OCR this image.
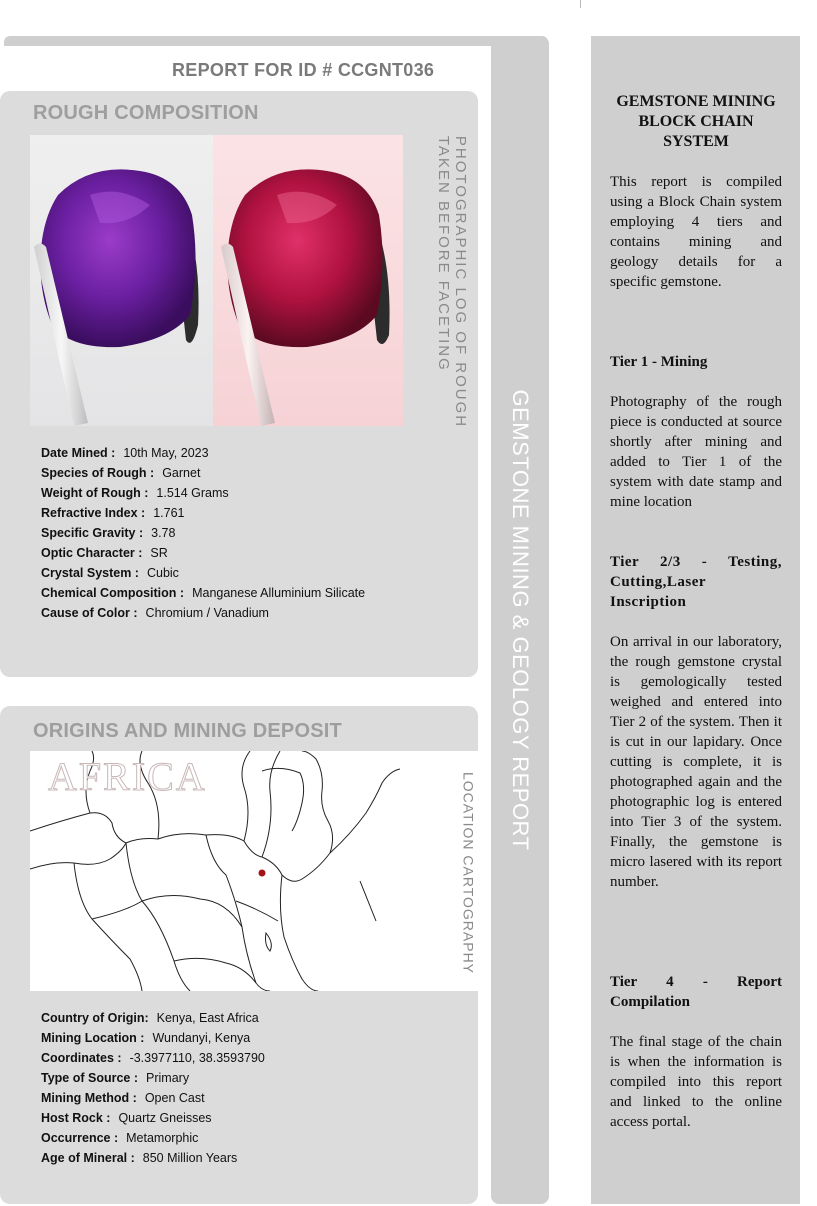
GEMSTONE MINING & GEOLOGY REPORT
REPORT FOR ID # CCGNT036
ROUGH COMPOSITION
PHOTOGRAPHIC LOG OF ROUGH
TAKEN BEFORE FACETING
Date Mined : 10th May, 2023
Species of Rough : Garnet
Weight of Rough : 1.514 Grams
Refractive Index : 1.761
Specific Gravity : 3.78
Optic Character : SR
Crystal System : Cubic
Chemical Composition : Manganese Alluminium Silicate
Cause of Color : Chromium / Vanadium
ORIGINS AND MINING DEPOSIT
AFRICA	LOCATION CARTOGRAPHY
Country of Origin: Kenya, East Africa
Mining Location : Wundanyi, Kenya
Coordinates : -3.3977110, 38.3593790
Type of Source : Primary
Mining Method : Open Cast
Host Rock : Quartz Gneisses
Occurrence : Metamorphic
Age of Mineral : 850 Million Years
GEMSTONE MINING BLOCK CHAIN SYSTEM
This report is compiled using a Block Chain system employing 4 tiers and contains mining and geology details for a specific gemstone.
Tier 1 - Mining
Photography of the rough piece is conducted at source shortly after mining and added to Tier 1 of the system with date stamp and mine location
Tier 2/3 - Testing, Cutting,Laser Inscription
On arrival in our laboratory, the rough gemstone crystal is gemologically tested weighed and entered into Tier 2 of the system. Then it is cut in our lapidary. Once cutting is complete, it is photographed again and the photographic log is entered into Tier 3 of the system. Finally, the gemstone is micro lasered with its report number.
Tier 4 - Report Compilation
The final stage of the chain is when the information is compiled into this report and linked to the online access portal.
